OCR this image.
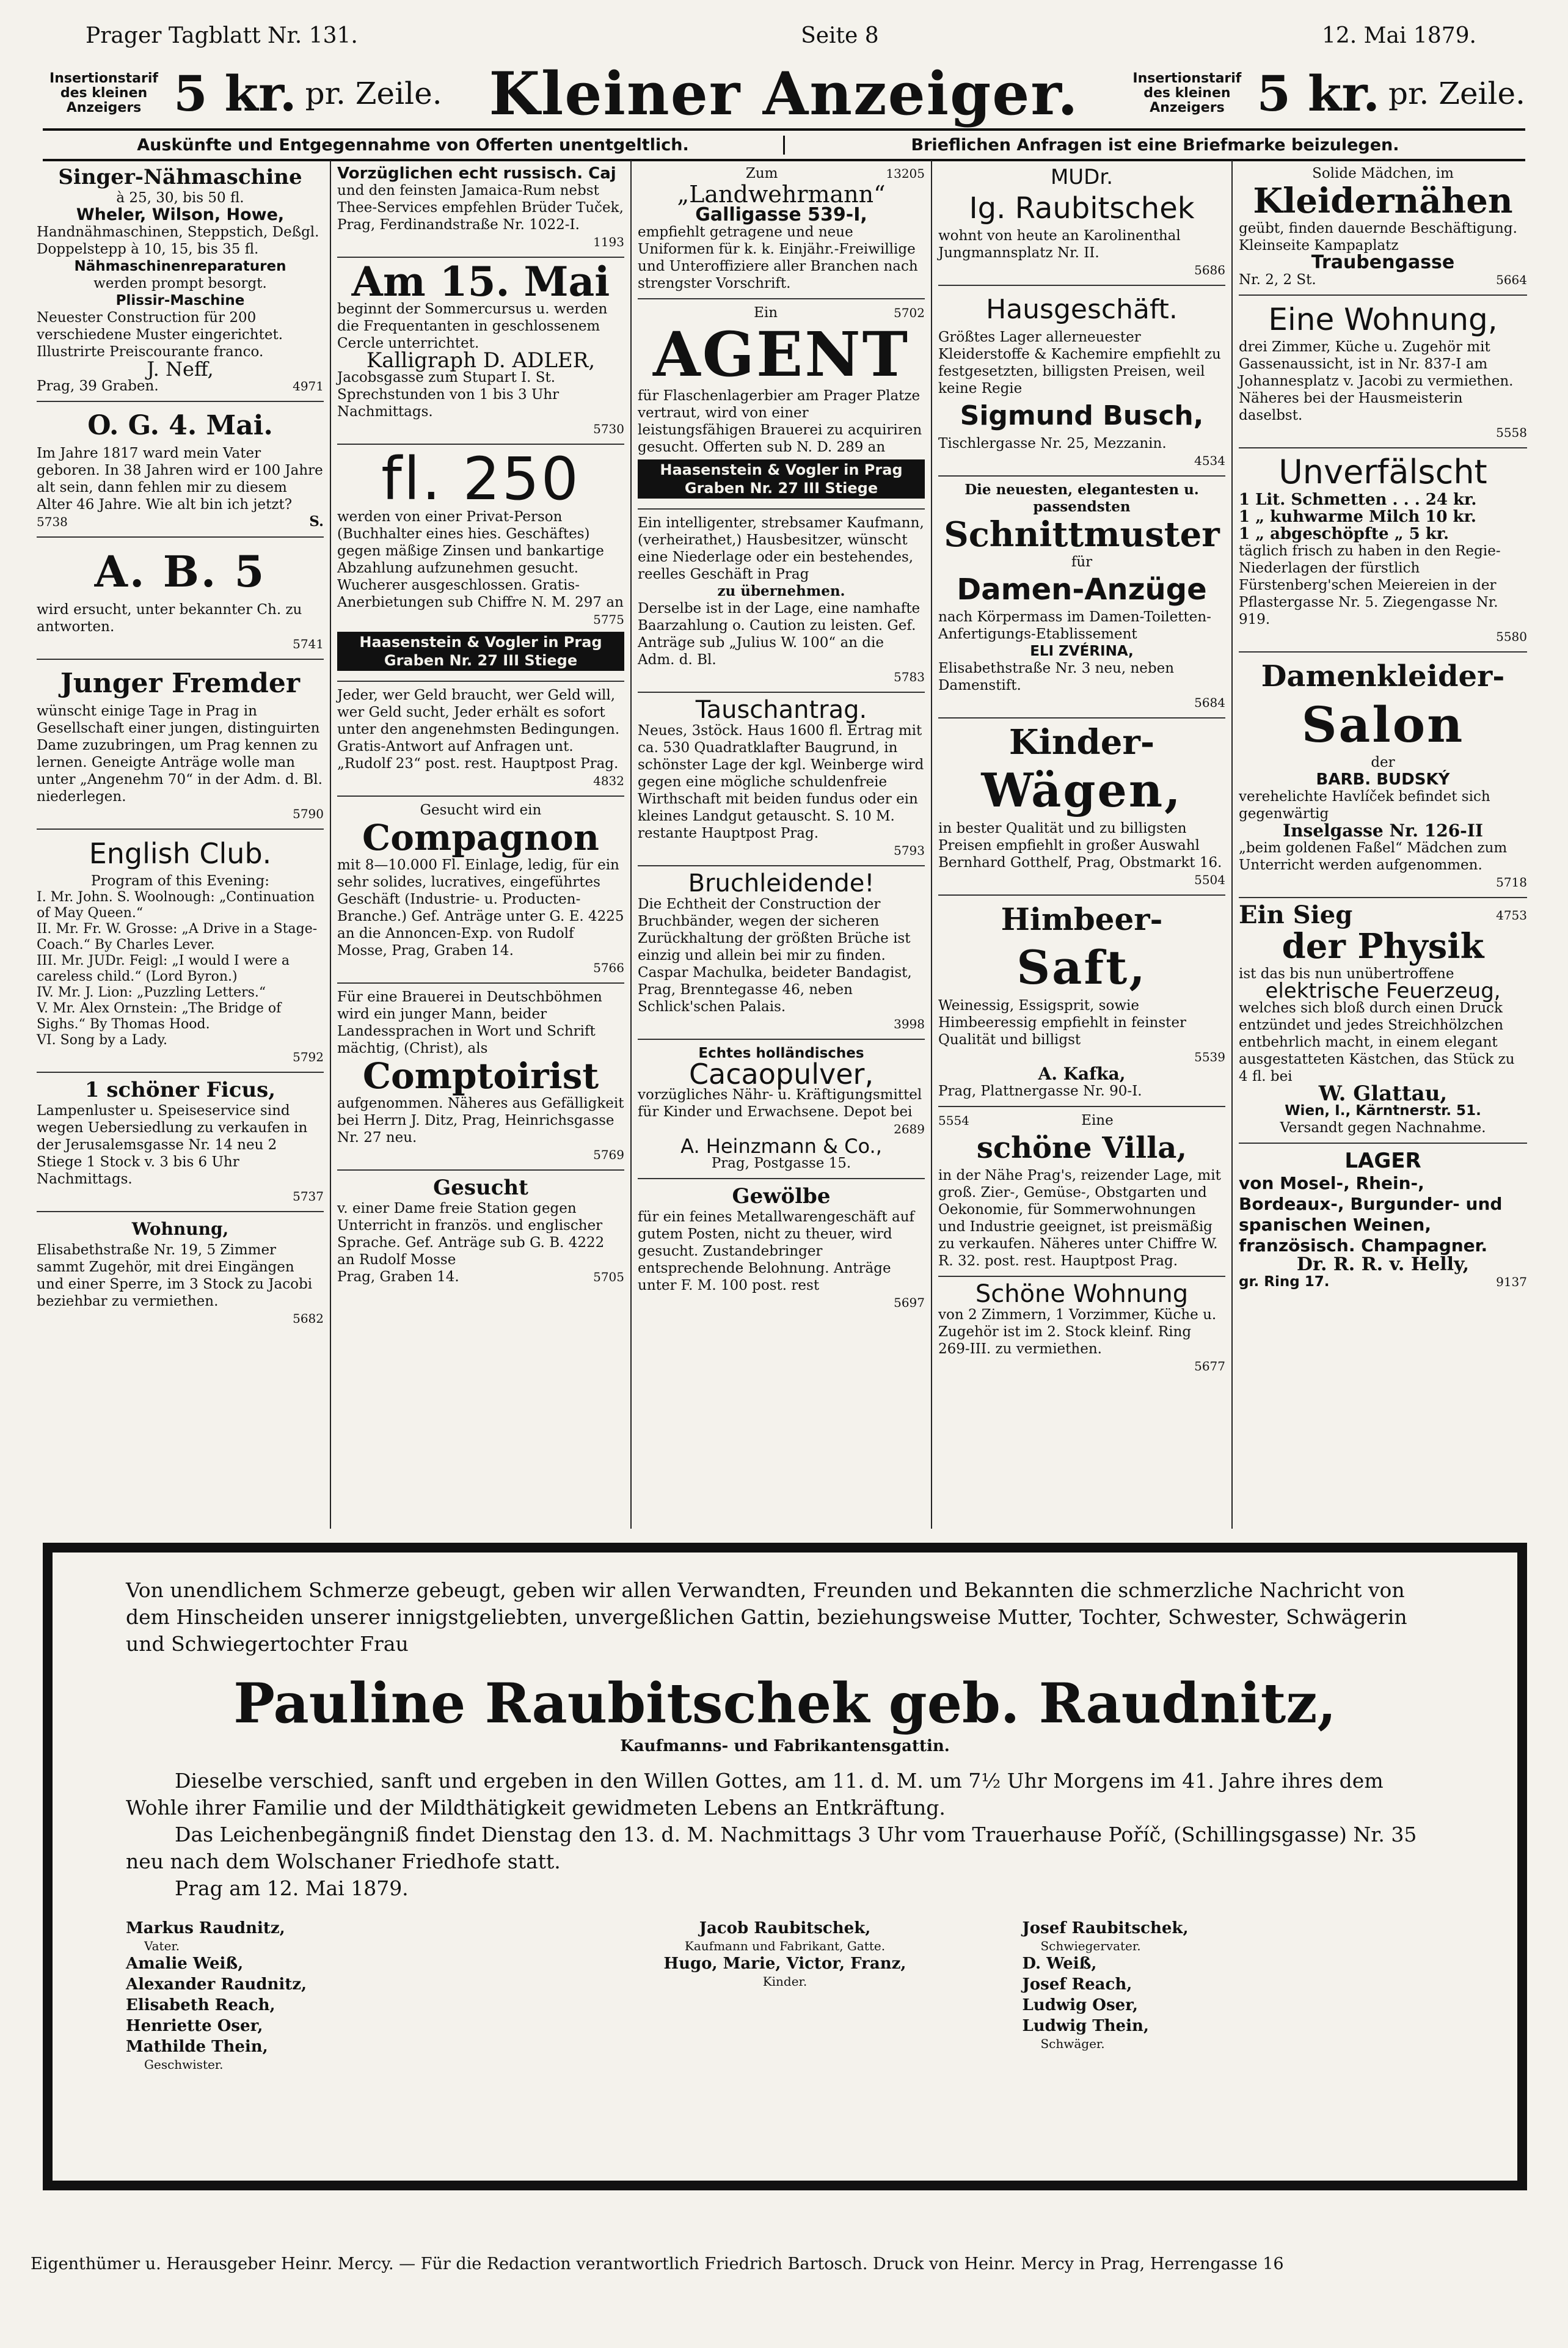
Prager Tagblatt Nr. 131.	Seite 8	12. Mai 1879.
Insertionstarif des kleinen Anzeigers 5 kr. pr. Zeile. Kleiner Anzeiger.	Insertionstarif des kleinen Anzeigers 5 kr. pr. Zeile.
Auskünfte und Entgegennahme von Offerten unentgeltlich.	Brieflichen Anfragen ist eine Briefmarke beizulegen.
Singer-Nähmaschine
à 25, 30, bis 50 fl.
Wheler, Wilson, Howe,
Handnähmaschinen, Steppstich, Deßgl. Doppelstepp à 10, 15, bis 35 fl.
Nähmaschinenreparaturen
werden prompt besorgt.
Plissir-Maschine
Neuester Construction für 200 verschiedene Muster eingerichtet. Illustrirte Preiscourante franco.
J. Neff,
Prag, 39 Graben.	4971
O. G. 4. Mai.
Im Jahre 1817 ward mein Vater geboren. In 38 Jahren wird er 100 Jahre alt sein, dann fehlen mir zu diesem Alter 46 Jahre. Wie alt bin ich jetzt?
5738	S.
A. B. 5
wird ersucht, unter bekannter Ch. zu antworten.
5741
Junger Fremder
wünscht einige Tage in Prag in Gesellschaft einer jungen, distinguirten Dame zuzubringen, um Prag kennen zu lernen. Geneigte Anträge wolle man unter „Angenehm 70“ in der Adm. d. Bl. niederlegen.
5790
English Club.
Program of this Evening:
I. Mr. John. S. Woolnough: „Continuation of May Queen.“
II. Mr. Fr. W. Grosse: „A Drive in a Stage-Coach.“ By Charles Lever.
III. Mr. JUDr. Feigl: „I would I were a careless child.“ (Lord Byron.)
IV. Mr. J. Lion: „Puzzling Letters.“
V. Mr. Alex Ornstein: „The Bridge of Sighs.“ By Thomas Hood.
VI. Song by a Lady.
5792
1 schöner Ficus,
Lampenluster u. Speiseservice sind wegen Uebersiedlung zu verkaufen in der Jerusalemsgasse Nr. 14 neu 2 Stiege 1 Stock v. 3 bis 6 Uhr Nachmittags.
5737
Wohnung,
Elisabethstraße Nr. 19, 5 Zimmer sammt Zugehör, mit drei Eingängen und einer Sperre, im 3 Stock zu Jacobi beziehbar zu vermiethen.
5682
Vorzüglichen echt russisch. Caj
und den feinsten Jamaica-Rum nebst Thee-Services empfehlen Brüder Tuček, Prag, Ferdinandstraße Nr. 1022-I.
1193
Am 15. Mai
beginnt der Sommercursus u. werden die Frequentanten in geschlossenem Cercle unterrichtet.
Kalligraph D. ADLER,
Jacobsgasse zum Stupart I. St. Sprechstunden von 1 bis 3 Uhr Nachmittags.
5730
fl. 250
werden von einer Privat-Person (Buchhalter eines hies. Geschäftes) gegen mäßige Zinsen und bankartige Abzahlung aufzunehmen gesucht. Wucherer ausgeschlossen. Gratis-Anerbietungen sub Chiffre N. M. 297 an
5775
Haasenstein & Vogler in Prag Graben Nr. 27 III Stiege
Jeder, wer Geld braucht, wer Geld will, wer Geld sucht, Jeder erhält es sofort unter den angenehmsten Bedingungen. Gratis-Antwort auf Anfragen unt. „Rudolf 23“ post. rest. Hauptpost Prag.
4832
Gesucht wird ein
Compagnon
mit 8—10.000 Fl. Einlage, ledig, für ein sehr solides, lucratives, eingeführtes Geschäft (Industrie- u. Producten-Branche.) Gef. Anträge unter G. E. 4225 an die Annoncen-Exp. von Rudolf Mosse, Prag, Graben 14.
5766
Für eine Brauerei in Deutschböhmen wird ein junger Mann, beider Landessprachen in Wort und Schrift mächtig, (Christ), als
Comptoirist
aufgenommen. Näheres aus Gefälligkeit bei Herrn J. Ditz, Prag, Heinrichsgasse Nr. 27 neu.
5769
Gesucht
v. einer Dame freie Station gegen Unterricht in französ. und englischer Sprache. Gef. Anträge sub G. B. 4222 an Rudolf Mosse
Prag, Graben 14.	5705
Zum	13205
„Landwehrmann“
Galligasse 539-I,
empfiehlt getragene und neue Uniformen für k. k. Einjähr.-Freiwillige und Unteroffiziere aller Branchen nach strengster Vorschrift.
Ein	5702
AGENT
für Flaschenlagerbier am Prager Platze vertraut, wird von einer leistungsfähigen Brauerei zu acquiriren gesucht. Offerten sub N. D. 289 an
Haasenstein & Vogler in Prag Graben Nr. 27 III Stiege
Ein intelligenter, strebsamer Kaufmann, (verheirathet,) Hausbesitzer, wünscht eine Niederlage oder ein bestehendes, reelles Geschäft in Prag
zu übernehmen.
Derselbe ist in der Lage, eine namhafte Baarzahlung o. Caution zu leisten. Gef. Anträge sub „Julius W. 100“ an die Adm. d. Bl.
5783
Tauschantrag.
Neues, 3stöck. Haus 1600 fl. Ertrag mit ca. 530 Quadratklafter Baugrund, in schönster Lage der kgl. Weinberge wird gegen eine mögliche schuldenfreie Wirthschaft mit beiden fundus oder ein kleines Landgut getauscht. S. 10 M. restante Hauptpost Prag.
5793
Bruchleidende!
Die Echtheit der Construction der Bruchbänder, wegen der sicheren Zurückhaltung der größten Brüche ist einzig und allein bei mir zu finden. Caspar Machulka, beideter Bandagist, Prag, Brenntegasse 46, neben Schlick'schen Palais.
3998
Echtes holländisches
Cacaopulver,
vorzügliches Nähr- u. Kräftigungsmittel für Kinder und Erwachsene. Depot bei
2689
A. Heinzmann & Co.,
Prag, Postgasse 15.
Gewölbe
für ein feines Metallwarengeschäft auf gutem Posten, nicht zu theuer, wird gesucht. Zustandebringer entsprechende Belohnung. Anträge unter F. M. 100 post. rest
5697
MUDr.
Ig. Raubitschek
wohnt von heute an Karolinenthal Jungmannsplatz Nr. II.
5686
Hausgeschäft.
Größtes Lager allerneuester Kleiderstoffe & Kachemire empfiehlt zu festgesetzten, billigsten Preisen, weil keine Regie
Sigmund Busch,
Tischlergasse Nr. 25, Mezzanin.
4534
Die neuesten, elegantesten u. passendsten
Schnittmuster
für
Damen-Anzüge
nach Körpermass im Damen-Toiletten-Anfertigungs-Etablissement
ELI ZVÉRINA,
Elisabethstraße Nr. 3 neu, neben Damenstift.
5684
Kinder-
Wägen,
in bester Qualität und zu billigsten Preisen empfiehlt in großer Auswahl Bernhard Gotthelf, Prag, Obstmarkt 16.
5504
Himbeer-
Saft,
Weinessig, Essigsprit, sowie Himbeeressig empfiehlt in feinster Qualität und billigst
5539
A. Kafka,
Prag, Plattnergasse Nr. 90-I.
5554	Eine
schöne Villa,
in der Nähe Prag's, reizender Lage, mit groß. Zier-, Gemüse-, Obstgarten und Oekonomie, für Sommerwohnungen und Industrie geeignet, ist preismäßig zu verkaufen. Näheres unter Chiffre W. R. 32. post. rest. Hauptpost Prag.
Schöne Wohnung
von 2 Zimmern, 1 Vorzimmer, Küche u. Zugehör ist im 2. Stock kleinf. Ring 269-III. zu vermiethen.
5677
Solide Mädchen, im
Kleidernähen
geübt, finden dauernde Beschäftigung. Kleinseite Kampaplatz
Traubengasse
Nr. 2, 2 St.	5664
Eine Wohnung,
drei Zimmer, Küche u. Zugehör mit Gassenaussicht, ist in Nr. 837-I am Johannesplatz v. Jacobi zu vermiethen. Näheres bei der Hausmeisterin daselbst.
5558
Unverfälscht
1 Lit. Schmetten . . . 24 kr.
1 „ kuhwarme Milch 10 kr.
1 „ abgeschöpfte „ 5 kr.
täglich frisch zu haben in den Regie-Niederlagen der fürstlich Fürstenberg'schen Meiereien in der Pflastergasse Nr. 5. Ziegengasse Nr. 919.
5580
Damenkleider-
Salon
der
BARB. BUDSKÝ
verehelichte Havlíček befindet sich gegenwärtig
Inselgasse Nr. 126-II
„beim goldenen Faßel“ Mädchen zum Unterricht werden aufgenommen.
5718
Ein Sieg	4753
der Physik
ist das bis nun unübertroffene
elektrische Feuerzeug,
welches sich bloß durch einen Druck entzündet und jedes Streichhölzchen entbehrlich macht, in einem elegant ausgestatteten Kästchen, das Stück zu 4 fl. bei
W. Glattau,
Wien, I., Kärntnerstr. 51.
Versandt gegen Nachnahme.
LAGER
von Mosel-, Rhein-, Bordeaux-, Burgunder- und spanischen Weinen, französisch. Champagner.
Dr. R. R. v. Helly,
gr. Ring 17.	9137

Von unendlichem Schmerze gebeugt, geben wir allen Verwandten, Freunden und Bekannten die schmerzliche Nachricht von dem Hinscheiden unserer innigstgeliebten, unvergeßlichen Gattin, beziehungsweise Mutter, Tochter, Schwester, Schwägerin und Schwiegertochter Frau

Pauline Raubitschek geb. Raudnitz,
Kaufmanns- und Fabrikantensgattin.

Dieselbe verschied, sanft und ergeben in den Willen Gottes, am 11. d. M. um 7½ Uhr Morgens im 41. Jahre ihres dem Wohle ihrer Familie und der Mildthätigkeit gewidmeten Lebens an Entkräftung.

Das Leichenbegängniß findet Dienstag den 13. d. M. Nachmittags 3 Uhr vom Trauerhause Poříč, (Schillingsgasse) Nr. 35 neu nach dem Wolschaner Friedhofe statt.

Prag am 12. Mai 1879.

Markus Raudnitz,
Vater.
Amalie Weiß,
Alexander Raudnitz,
Elisabeth Reach,
Henriette Oser,
Mathilde Thein,
Geschwister.
Jacob Raubitschek,
Kaufmann und Fabrikant, Gatte.
Hugo, Marie, Victor, Franz,
Kinder.
Josef Raubitschek,
Schwiegervater.
D. Weiß,
Josef Reach,
Ludwig Oser,
Ludwig Thein,
Schwäger.
Eigenthümer u. Herausgeber Heinr. Mercy. — Für die Redaction verantwortlich Friedrich Bartosch. Druck von Heinr. Mercy in Prag, Herrengasse 16
